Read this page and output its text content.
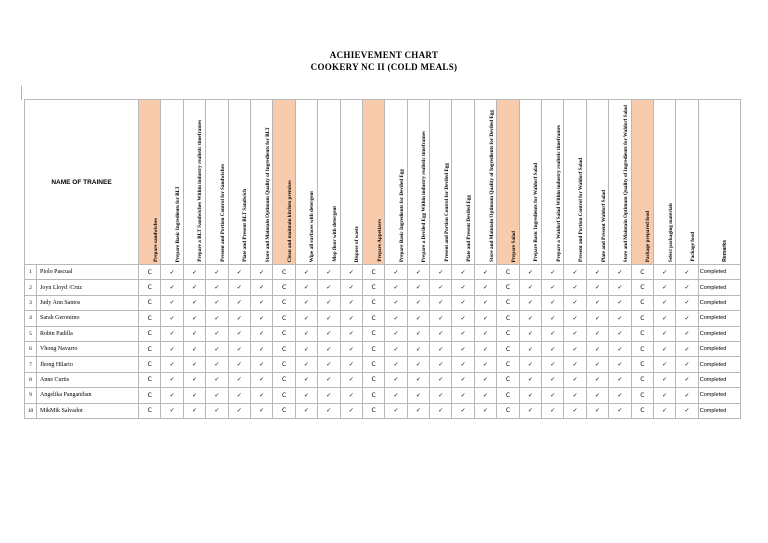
ACHIEVEMENT CHART
COOKERY NC II (COLD MEALS)
NAME OF TRAINEE		Prepare sandwiches	Prepare Basic Ingredients for BLT	Prepare a BLT Sandwiches Within industry realistic timeframes	Present and Portion Control for Sandwiches	Plate and Present BLT Sandwich	Store and Maintain Optimum Quality of Ingredients for BLT	Clean and maintain kitchen premises	Wipe all surfaces with detergent	Mop floor with detergent	Dispose of waste	Prepare Appetizers	Prepare Basic Ingredients for Deviled Egg	Prepare a Deviled Egg Within industry realistic timeframes	Present and Portion Control for Deviled Egg	Plate and Present Deviled Egg	Store and Maintain Optimum Quality of Ingredients for Deviled Egg	Prepare Salad	Prepare Basic Ingredients for Waldorf Salad	Prepare a Waldorf Salad Within industry realistic timeframes	Present and Portion Control for Waldorf Salad	Plate and Present Waldorf Salad	Store and Maintain Optimum Quality of Ingredients for Waldorf Salad	Package prepared food	Select packaging materials	Package food	Remarks

1	Piolo Pascual	C	✓	✓	✓	✓	✓	C	✓	✓	✓	C	✓	✓	✓	✓	✓	C	✓	✓	✓	✓	✓	C	✓	✓	Completed
2	Joyn Lloyd /Cruz	C	✓	✓	✓	✓	✓	C	✓	✓	✓	C	✓	✓	✓	✓	✓	C	✓	✓	✓	✓	✓	C	✓	✓	Completed
3	Judy Ann Santos	C	✓	✓	✓	✓	✓	C	✓	✓	✓	C	✓	✓	✓	✓	✓	C	✓	✓	✓	✓	✓	C	✓	✓	Completed
4	Sarah Geronimo	C	✓	✓	✓	✓	✓	C	✓	✓	✓	C	✓	✓	✓	✓	✓	C	✓	✓	✓	✓	✓	C	✓	✓	Completed
5	Robin Padilla	C	✓	✓	✓	✓	✓	C	✓	✓	✓	C	✓	✓	✓	✓	✓	C	✓	✓	✓	✓	✓	C	✓	✓	Completed
6	Vhong Navarro	C	✓	✓	✓	✓	✓	C	✓	✓	✓	C	✓	✓	✓	✓	✓	C	✓	✓	✓	✓	✓	C	✓	✓	Completed
7	Jhong Hilario	C	✓	✓	✓	✓	✓	C	✓	✓	✓	C	✓	✓	✓	✓	✓	C	✓	✓	✓	✓	✓	C	✓	✓	Completed
8	Anne Curtis	C	✓	✓	✓	✓	✓	C	✓	✓	✓	C	✓	✓	✓	✓	✓	C	✓	✓	✓	✓	✓	C	✓	✓	Completed
9	Angelika Panganiban	C	✓	✓	✓	✓	✓	C	✓	✓	✓	C	✓	✓	✓	✓	✓	C	✓	✓	✓	✓	✓	C	✓	✓	Completed
10	MikMik Salvador	C	✓	✓	✓	✓	✓	C	✓	✓	✓	C	✓	✓	✓	✓	✓	C	✓	✓	✓	✓	✓	C	✓	✓	Completed
